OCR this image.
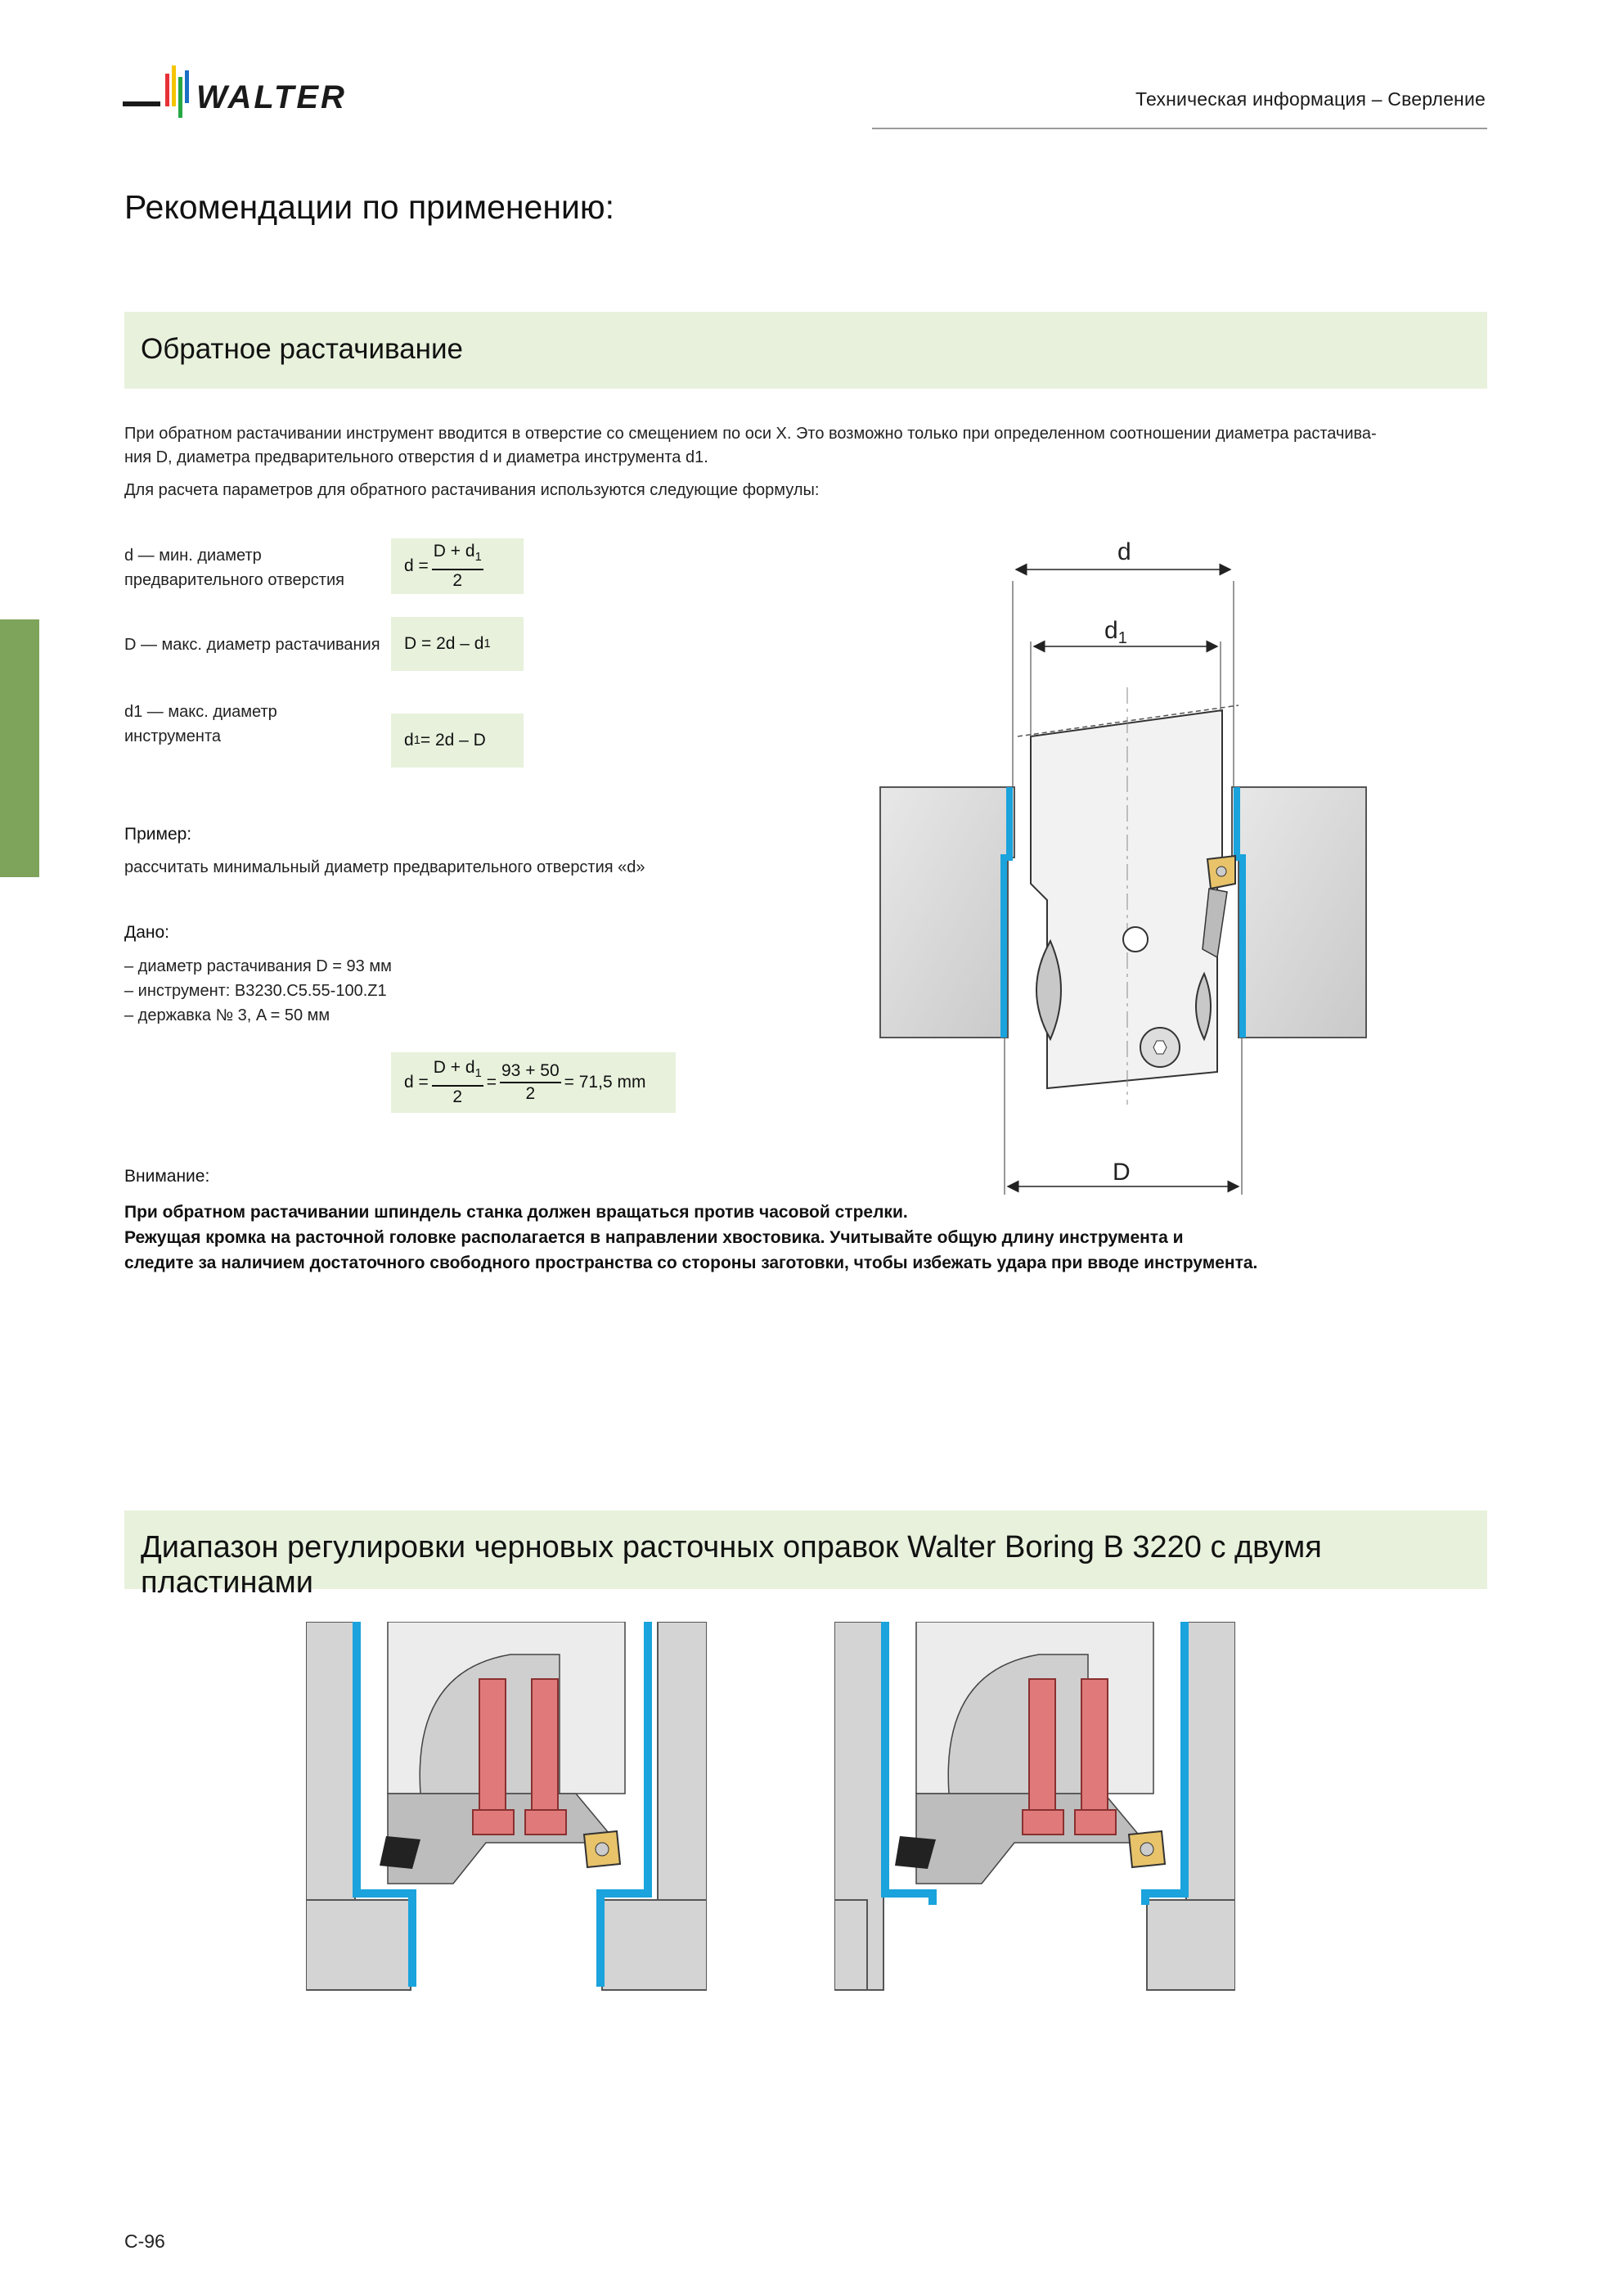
WALTER	Техническая информация – Сверление
Рекомендации по применению:
Обратное растачивание
При обратном растачивании инструмент вводится в отверстие со смещением по оси X. Это возможно только при определенном соотношении диаметра растачива-
ния D, диаметра предварительного отверстия d и диаметра инструмента d1.
Для расчета параметров для обратного растачивания используются следующие формулы:
d — мин. диаметр
предварительного отверстия
D — макс. диаметр растачивания
d1 — макс. диаметр
инструмента
$d = \frac{D + d_1}{2}$
D = 2d – d 1
d 1 = 2d – D
Пример:
рассчитать минимальный диаметр предварительного отверстия «d»
Дано:
– диаметр растачивания D = 93 мм
– инструмент: B3230.C5.55-100.Z1
– державка № 3, A = 50 мм
$d = \frac{D + d_1}{2} = \frac{93 + 50}{2} = 71,5$ mm
Внимание:
При обратном растачивании шпиндель станка должен вращаться против часовой стрелки.
Режущая кромка на расточной головке располагается в направлении хвостовика. Учитывайте общую длину инструмента и
следите за наличием достаточного свободного пространства со стороны заготовки, чтобы избежать удара при вводе инструмента.
d
$d_1$
D
Диапазон регулировки черновых расточных оправок Walter Boring B 3220 с двумя пластинами
C-96
